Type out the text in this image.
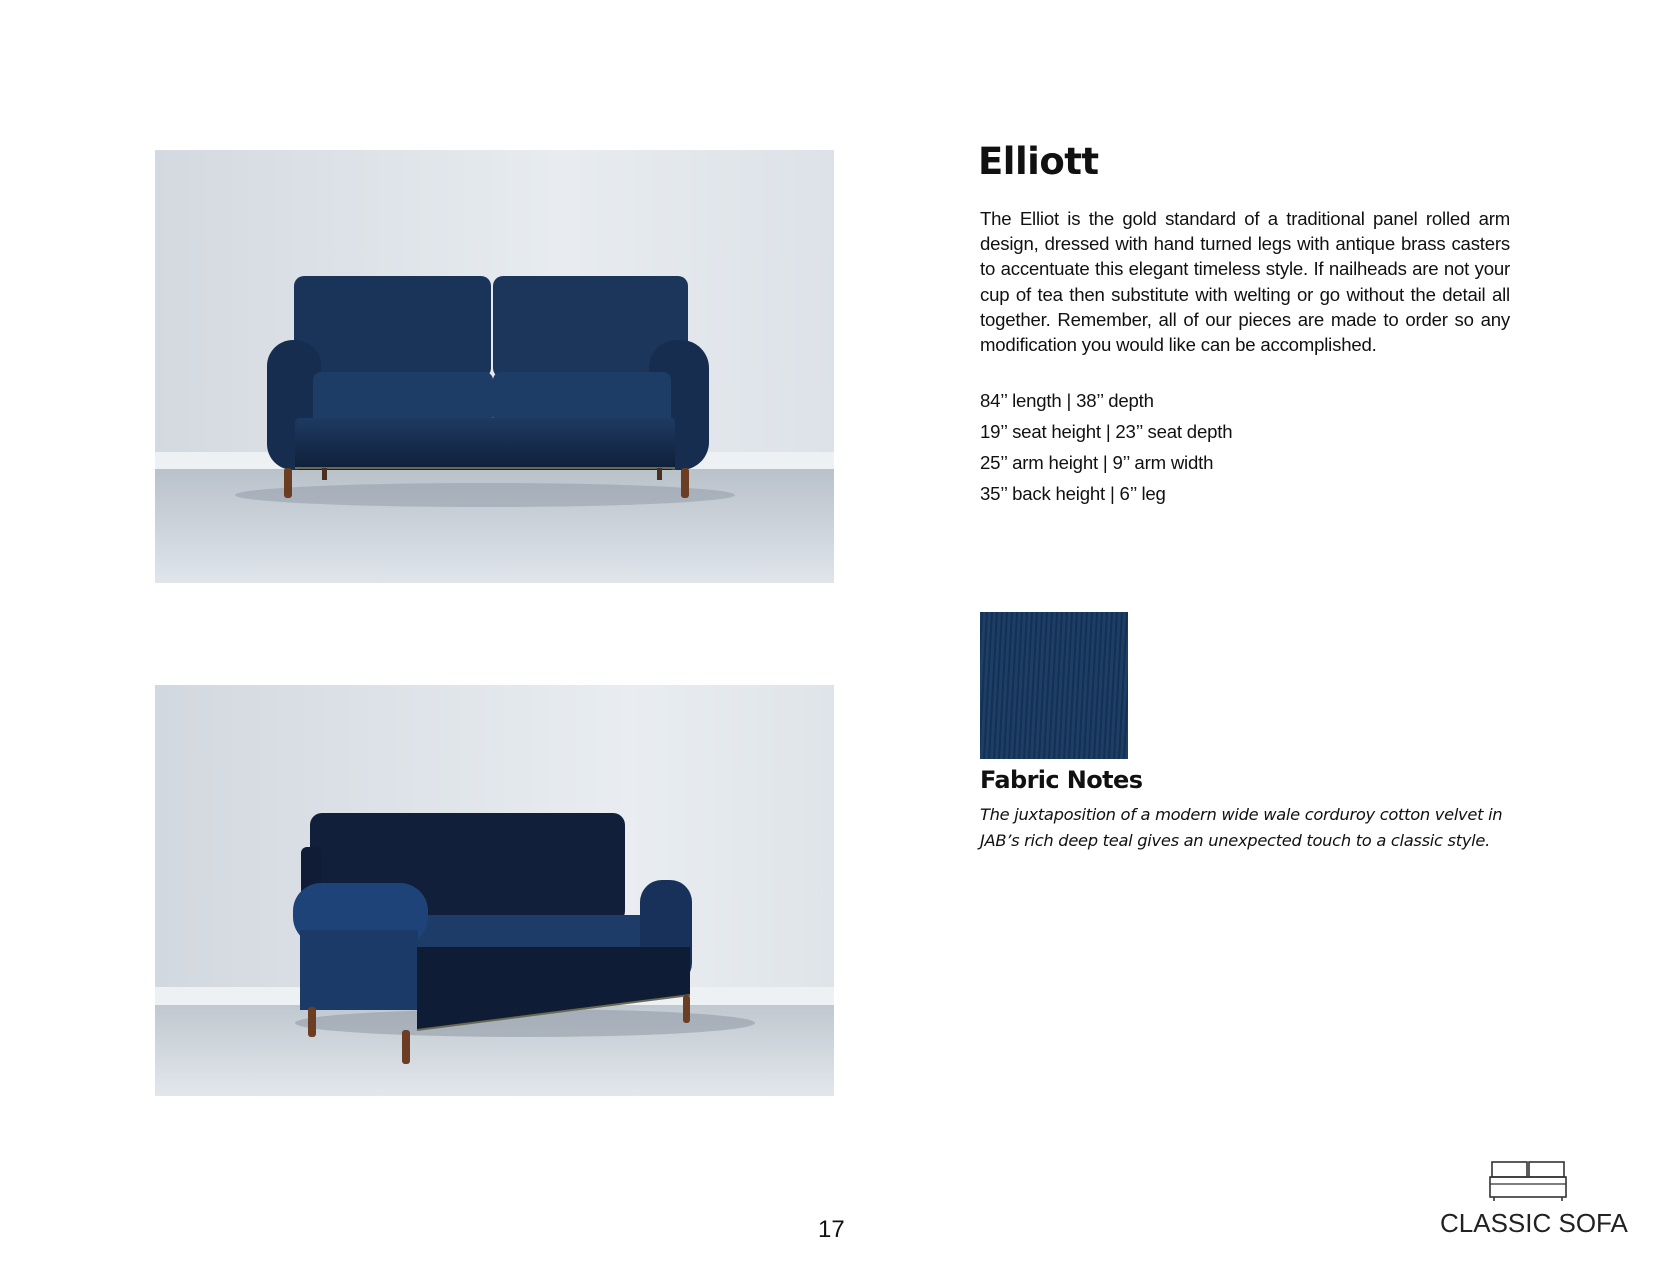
Elliott

The Elliot is the gold standard of a traditional panel rolled arm design, dressed with hand turned legs with antique brass casters to accentuate this elegant timeless style. If nailheads are not your cup of tea then substitute with welting or go without the detail all together. Remember, all of our pieces are made to order so any modification you would like can be accomplished.

84’’ length | 38’’ depth
19’’ seat height | 23’’ seat depth
25’’ arm height | 9’’ arm width
35’’ back height | 6’’ leg
Fabric Notes

The juxtaposition of a modern wide wale corduroy cotton velvet in JAB’s rich deep teal gives an unexpected touch to a classic style.

17	CLASSIC SOFA
